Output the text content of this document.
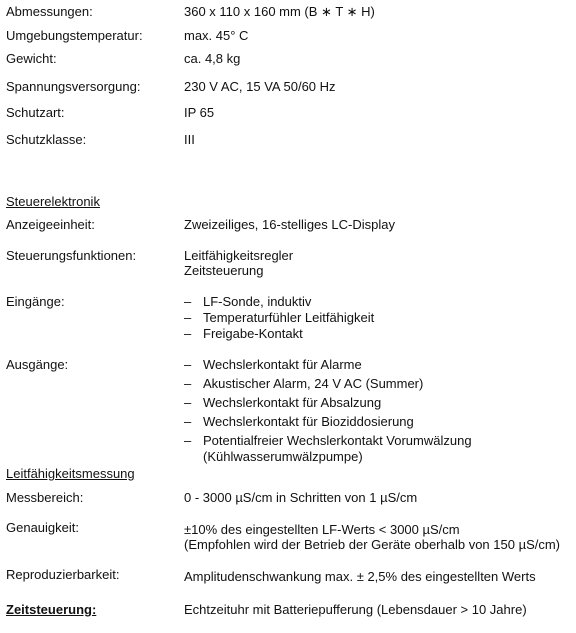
Abmessungen:	360 x 110 x 160 mm (B ∗ T ∗ H)
Umgebungstemperatur:	max. 45° C
Gewicht:	ca. 4,8 kg
Spannungsversorgung:	230 V AC, 15 VA 50/60 Hz
Schutzart:	IP 65
Schutzklasse:	III
Steuerelektronik
Anzeigeeinheit:	Zweizeiliges, 16-stelliges LC-Display
Steuerungsfunktionen:	Leitfähigkeitsregler
Zeitsteuerung
Eingänge:	– LF-Sonde, induktiv
– Temperaturfühler Leitfähigkeit
– Freigabe-Kontakt
Ausgänge:	– Wechslerkontakt für Alarme
– Akustischer Alarm, 24 V AC (Summer)
– Wechslerkontakt für Absalzung
– Wechslerkontakt für Bioziddosierung
– Potentialfreier Wechslerkontakt Vorumwälzung
(Kühlwasserumwälzpumpe)
Leitfähigkeitsmessung
Messbereich:	0 - 3000 µS/cm in Schritten von 1 µS/cm
Genauigkeit:	±10% des eingestellten LF-Werts < 3000 µS/cm
(Empfohlen wird der Betrieb der Geräte oberhalb von 150 µS/cm)
Reproduzierbarkeit:	Amplitudenschwankung max. ± 2,5% des eingestellten Werts
Zeitsteuerung:	Echtzeituhr mit Batteriepufferung (Lebensdauer > 10 Jahre)
